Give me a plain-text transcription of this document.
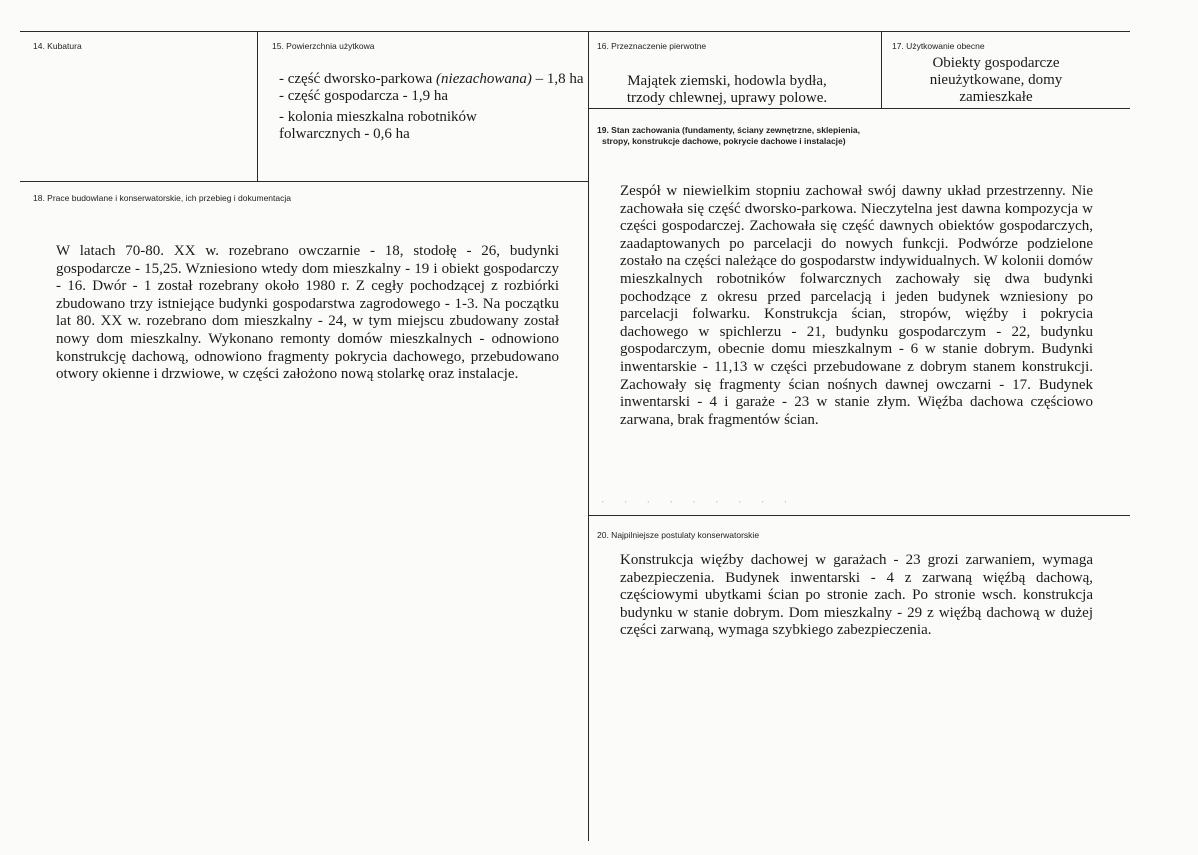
· · · · · · · · ·
14. Kubatura	15. Powierzchnia użytkowa
- część dworsko-parkowa (niezachowana) – 1,8 ha
- część gospodarcza - 1,9 ha
- kolonia mieszkalna robotników folwarcznych - 0,6 ha
16. Przeznaczenie pierwotne
Majątek ziemski, hodowla bydła, trzody chlewnej, uprawy polowe.
17. Użytkowanie obecne
Obiekty gospodarcze nieużytkowane, domy zamieszkałe
18. Prace budowlane i konserwatorskie, ich przebieg i dokumentacja
W latach 70-80. XX w. rozebrano owczarnie - 18, stodołę - 26, budynki gospodarcze - 15,25. Wzniesiono wtedy dom mieszkalny - 19 i obiekt gospodarczy - 16. Dwór - 1 został rozebrany około 1980 r. Z cegły pochodzącej z rozbiórki zbudowano trzy istniejące budynki gospodarstwa zagrodowego - 1-3. Na początku lat 80. XX w. rozebrano dom mieszkalny - 24, w tym miejscu zbudowany został nowy dom mieszkalny. Wykonano remonty domów mieszkalnych - odnowiono konstrukcję dachową, odnowiono fragmenty pokrycia dachowego, przebudowano otwory okienne i drzwiowe, w części założono nową stolarkę oraz instalacje.
19. Stan zachowania (fundamenty, ściany zewnętrzne, sklepienia,
stropy, konstrukcje dachowe, pokrycie dachowe i instalacje)
Zespół w niewielkim stopniu zachował swój dawny układ przestrzenny. Nie zachowała się część dworsko-parkowa. Nieczytelna jest dawna kompozycja w części gospodarczej. Zachowała się część dawnych obiektów gospodarczych, zaadaptowanych po parcelacji do nowych funkcji. Podwórze podzielone zostało na części należące do gospodarstw indywidualnych. W kolonii domów mieszkalnych robotników folwarcznych zachowały się dwa budynki pochodzące z okresu przed parcelacją i jeden budynek wzniesiony po parcelacji folwarku. Konstrukcja ścian, stropów, więźby i pokrycia dachowego w spichlerzu - 21, budynku gospodarczym - 22, budynku gospodarczym, obecnie domu mieszkalnym - 6 w stanie dobrym. Budynki inwentarskie - 11,13 w części przebudowane z dobrym stanem konstrukcji. Zachowały się fragmenty ścian nośnych dawnej owczarni - 17. Budynek inwentarski - 4 i garaże - 23 w stanie złym. Więźba dachowa częściowo zarwana, brak fragmentów ścian.
20. Najpilniejsze postulaty konserwatorskie
Konstrukcja więźby dachowej w garażach - 23 grozi zarwaniem, wymaga zabezpieczenia. Budynek inwentarski - 4 z zarwaną więźbą dachową, częściowymi ubytkami ścian po stronie zach. Po stronie wsch. konstrukcja budynku w stanie dobrym. Dom mieszkalny - 29 z więźbą dachową w dużej części zarwaną, wymaga szybkiego zabezpieczenia.
